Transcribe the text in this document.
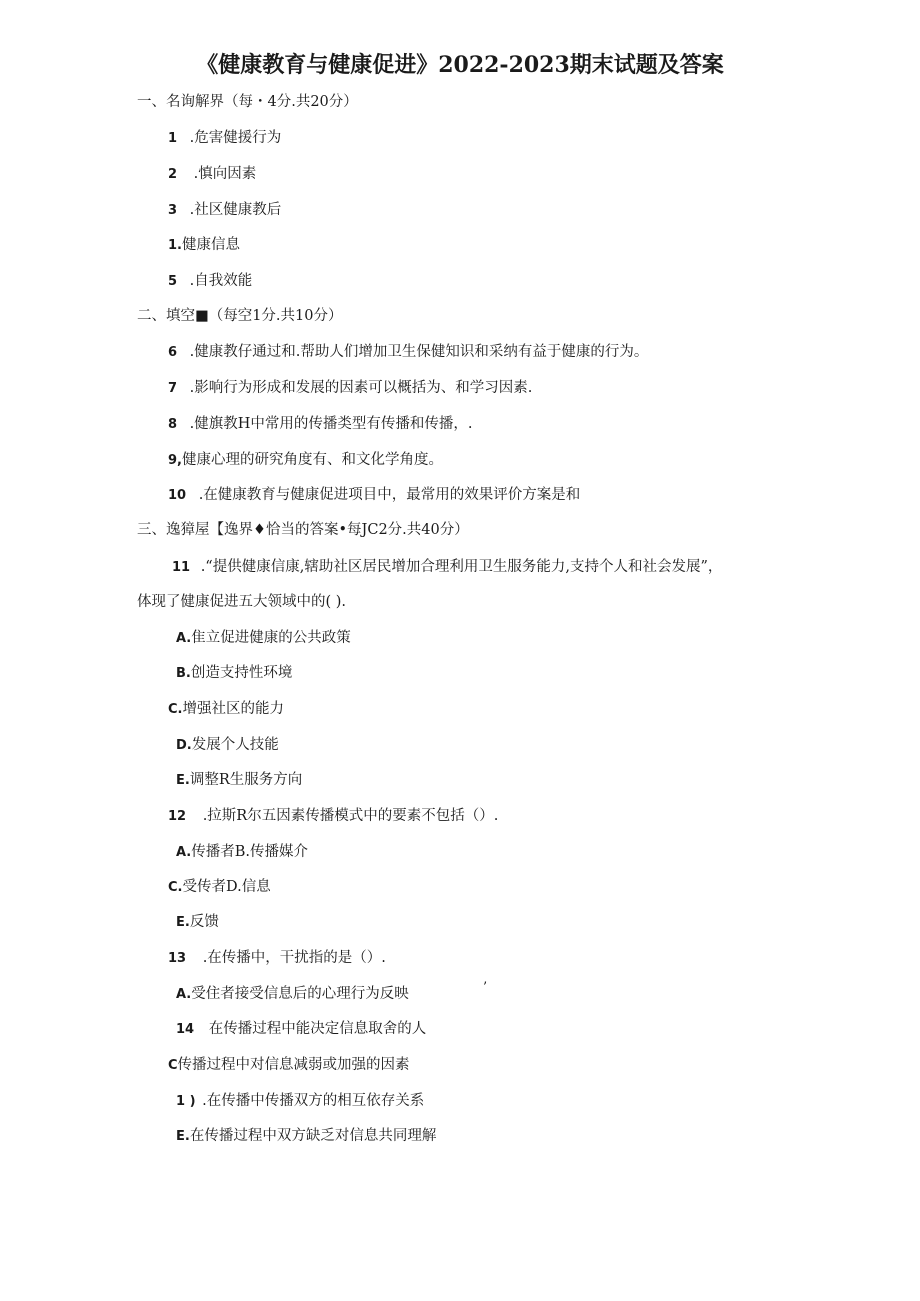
《健康教育与健康促进》2022-2023期末试题及答案
一、名询解界（每・4分.共20分）
1 .危害健援行为
2 .慎向因素
3 .社区健康教后
1.健康信息
5 .自我效能
二、填空■（每空1分.共10分）
6 .健康教仔通过和.帮助人们增加卫生保健知识和采纳有益于健康的行为。
7 .影响行为形成和发展的因素可以概括为、和学习因素.
8 .健旗教H中常用的传播类型有传播和传播，.
9,健康心理的研究角度有、和文化学角度。
10 .在健康教育与健康促进项目中，最常用的效果评价方案是和
三、逸獐屋【逸界♦恰当的答案•每JC2分.共40分）
11 .“提供健康信康,辖助社区居民增加合理利用卫生服务能力,支持个人和社会发展”，
体现了健康促进五大领域中的( ).
A.隹立促进健康的公共政策
B.创造支持性环境
C.增强社区的能力
D.发展个人技能
E.调整R生服务方向
12 .拉斯R尔五因素传播模式中的要素不包括（）.
A.传播者B.传播媒介
C.受传者D.信息
E.反馈
13 .在传播中，干扰指的是（）.
A.受住者接受信息后的心理行为反映	’
14 在传播过程中能决定信息取舍的人
C传播过程中对信息减弱或加强的因素
1 ) .在传播中传播双方的相互依存关系
E.在传播过程中双方缺乏对信息共同理解
